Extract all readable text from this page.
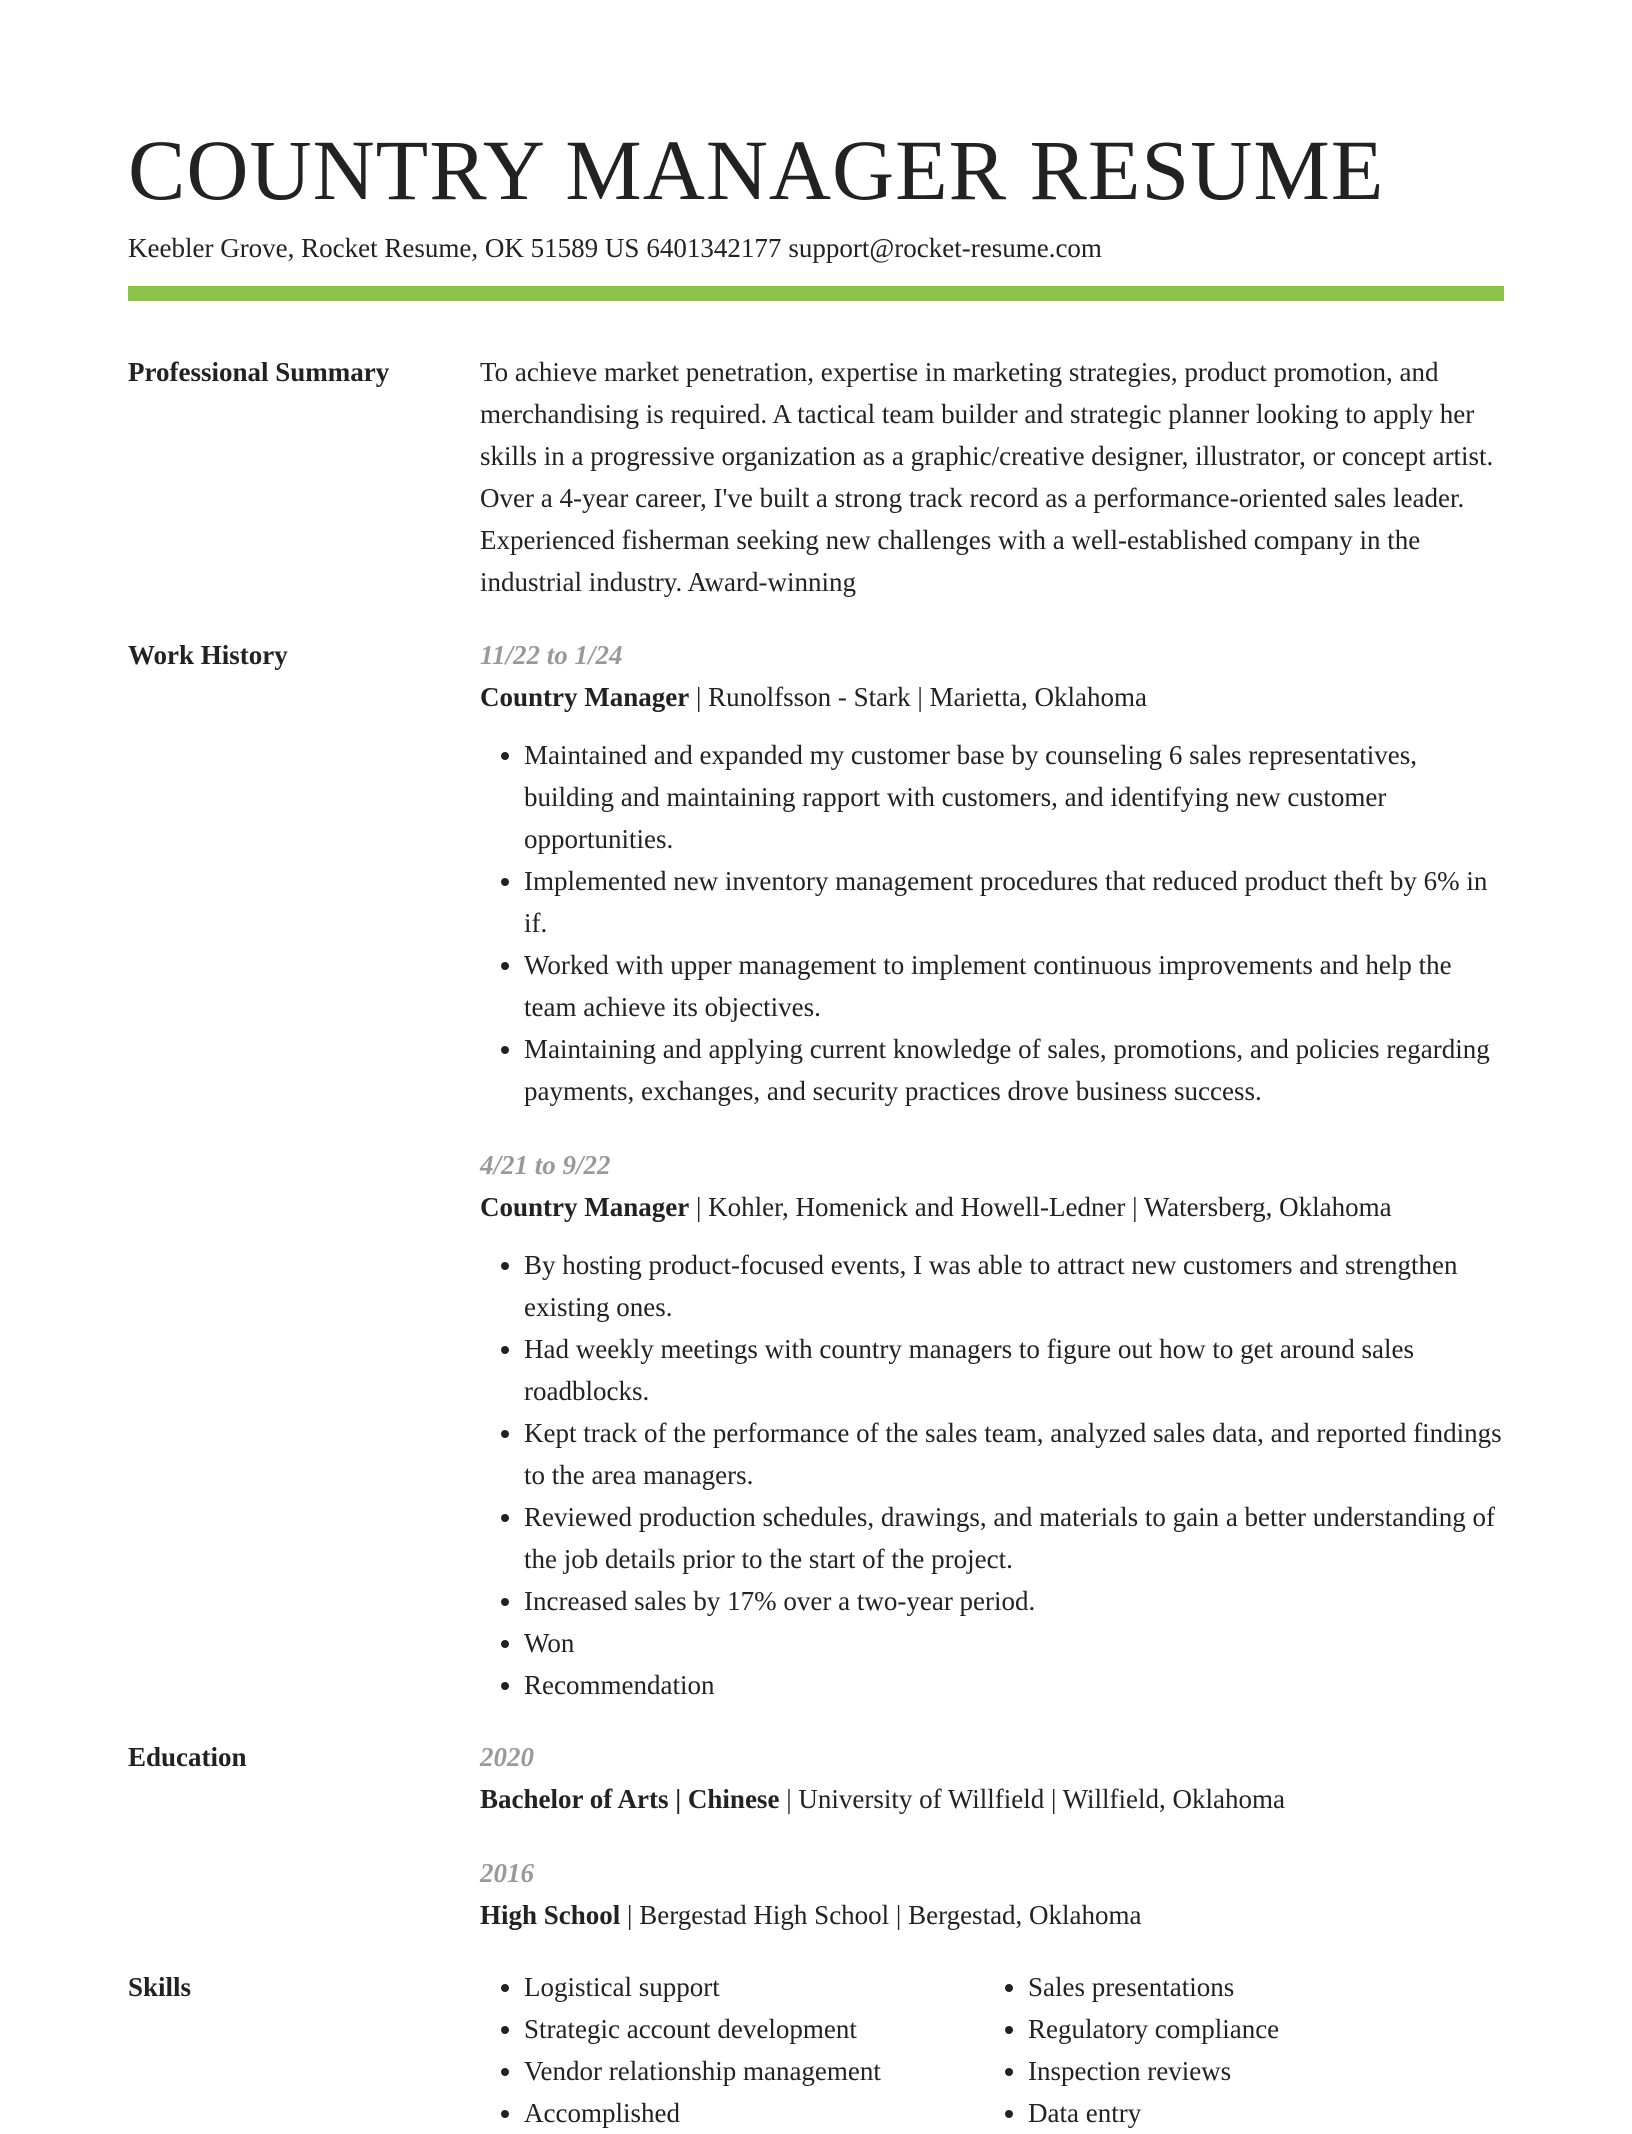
COUNTRY MANAGER RESUME
Keebler Grove, Rocket Resume, OK 51589 US 6401342177 support@rocket-resume.com
Professional Summary	To achieve market penetration, expertise in marketing strategies, product promotion, and merchandising is required. A tactical team builder and strategic planner looking to apply her skills in a progressive organization as a graphic/creative designer, illustrator, or concept artist. Over a 4-year career, I've built a strong track record as a performance-oriented sales leader. Experienced fisherman seeking new challenges with a well-established company in the industrial industry. Award-winning
Work History	11/22 to 1/24
Country Manager | Runolfsson - Stark | Marietta, Oklahoma
• Maintained and expanded my customer base by counseling 6 sales representatives, building and maintaining rapport with customers, and identifying new customer opportunities.
• Implemented new inventory management procedures that reduced product theft by 6% in if.
• Worked with upper management to implement continuous improvements and help the team achieve its objectives.
• Maintaining and applying current knowledge of sales, promotions, and policies regarding payments, exchanges, and security practices drove business success.
4/21 to 9/22
Country Manager | Kohler, Homenick and Howell-Ledner | Watersberg, Oklahoma
• By hosting product-focused events, I was able to attract new customers and strengthen existing ones.
• Had weekly meetings with country managers to figure out how to get around sales roadblocks.
• Kept track of the performance of the sales team, analyzed sales data, and reported findings to the area managers.
• Reviewed production schedules, drawings, and materials to gain a better understanding of the job details prior to the start of the project.
• Increased sales by 17% over a two-year period.
• Won
• Recommendation
Education	2020
Bachelor of Arts | Chinese | University of Willfield | Willfield, Oklahoma
2016
High School | Bergestad High School | Bergestad, Oklahoma
Skills
•	Logistical support
• Strategic account development
• Vendor relationship management
• Accomplished
• Sales presentations
• Regulatory compliance
• Inspection reviews
• Data entry
